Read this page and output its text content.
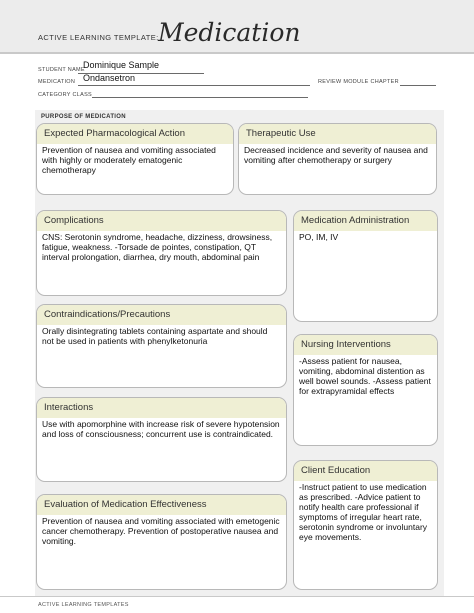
ACTIVE LEARNING TEMPLATE: Medication
STUDENT NAME
Dominique Sample
MEDICATION Ondansetron	REVIEW MODULE CHAPTER
CATEGORY CLASS
PURPOSE OF MEDICATION
Expected Pharmacological Action
Prevention of nausea and vomiting associated with highly or moderately ematogenic chemotherapy
Therapeutic Use
Decreased incidence and severity of nausea and vomiting after chemotherapy or surgery
Complications
CNS: Serotonin syndrome, headache, dizziness, drowsiness, fatigue, weakness. -Torsade de pointes, constipation, QT interval prolongation, diarrhea, dry mouth, abdominal pain
Medication Administration
PO, IM, IV
Contraindications/Precautions
Orally disintegrating tablets containing aspartate and should not be used in patients with phenylketonuria	Nursing Interventions
-Assess patient for nausea, vomiting, abdominal distention as well bowel sounds. -Assess patient for extrapyramidal effects
Interactions
Use with apomorphine with increase risk of severe hypotension and loss of consciousness; concurrent use is contraindicated.
Client Education
-Instruct patient to use medication as prescribed. -Advice patient to notify health care professional if symptoms of irregular heart rate, serotonin syndrome or involuntary eye movements.
Evaluation of Medication Effectiveness
Prevention of nausea and vomiting associated with emetogenic cancer chemotherapy. Prevention of postoperative nausea and vomiting.
ACTIVE LEARNING TEMPLATES
